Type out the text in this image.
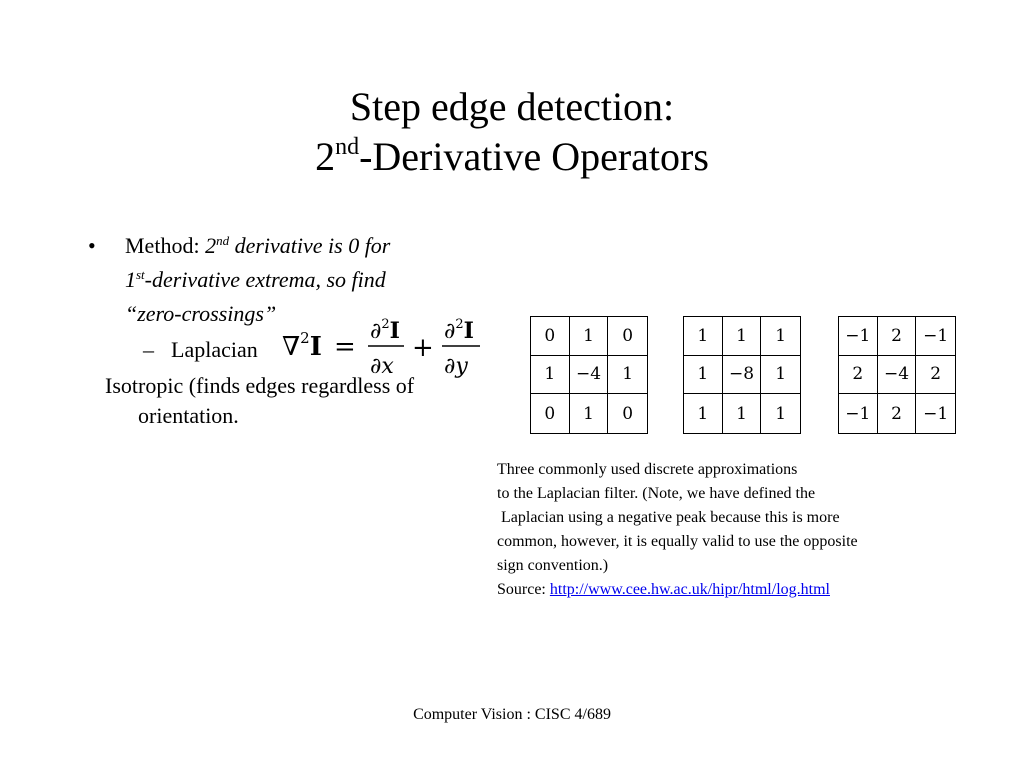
Step edge detection:
2nd-Derivative Operators
• Method: 2nd derivative is 0 for
1st-derivative extrema, so find
“zero-crossings”
– Laplacian
Isotropic (finds edges regardless of orientation.
∇$^2$I =
∂$^2$I
∂x
+
∂$^2$I
∂y
0	1	0
1	−4	1
0	1	0
1	1	1
1	−8	1
1	1	1
−1	2	−1
2	−4	2
−1	2	−1
Three commonly used discrete approximations
to the Laplacian filter. (Note, we have defined the
Laplacian using a negative peak because this is more
common, however, it is equally valid to use the opposite
sign convention.)
Source: http://www.cee.hw.ac.uk/hipr/html/log.html
Computer Vision : CISC 4/689
